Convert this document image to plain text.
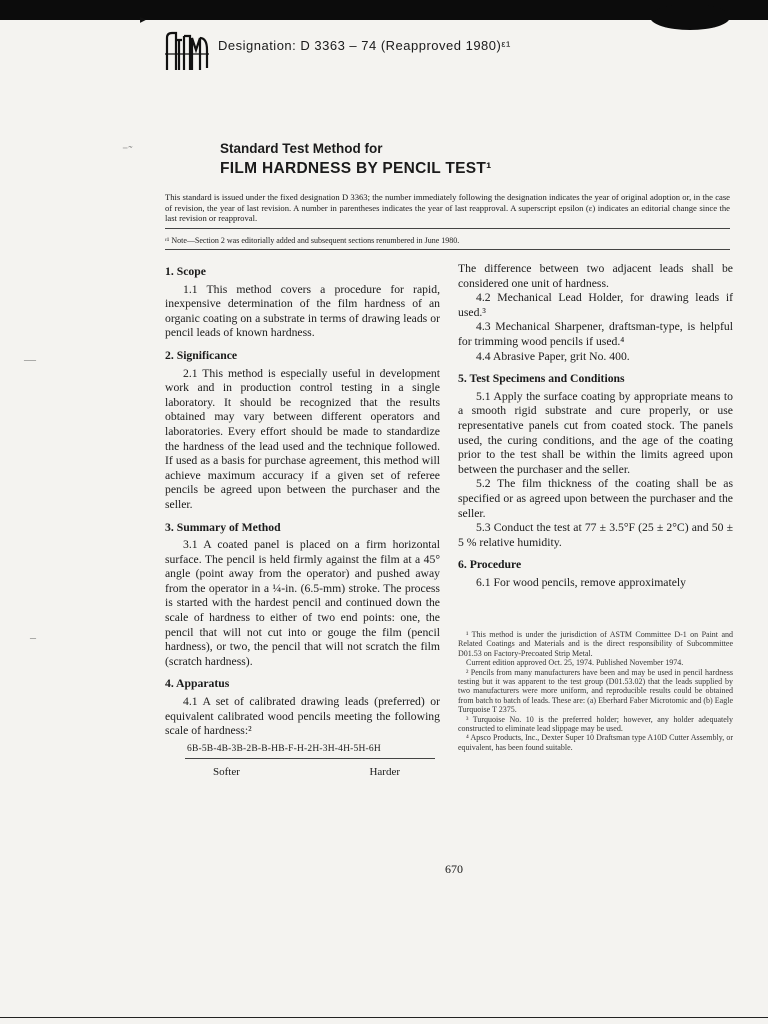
Designation: D 3363 – 74 (Reapproved 1980)ᵋ¹
Standard Test Method for
FILM HARDNESS BY PENCIL TEST¹
This standard is issued under the fixed designation D 3363; the number immediately following the designation indicates the year of original adoption or, in the case of revision, the year of last revision. A number in parentheses indicates the year of last reapproval. A superscript epsilon (ε) indicates an editorial change since the last revision or reapproval.
ᵋ¹ Note—Section 2 was editorially added and subsequent sections renumbered in June 1980.
1. Scope

1.1 This method covers a procedure for rapid, inexpensive determination of the film hardness of an organic coating on a substrate in terms of drawing leads or pencil leads of known hardness.

2. Significance

2.1 This method is especially useful in development work and in production control testing in a single laboratory. It should be recognized that the results obtained may vary between different operators and laboratories. Every effort should be made to standardize the hardness of the lead used and the technique followed. If used as a basis for purchase agreement, this method will achieve maximum accuracy if a given set of referee pencils be agreed upon between the purchaser and the seller.

3. Summary of Method

3.1 A coated panel is placed on a firm horizontal surface. The pencil is held firmly against the film at a 45° angle (point away from the operator) and pushed away from the operator in a ¼-in. (6.5-mm) stroke. The process is started with the hardest pencil and continued down the scale of hardness to either of two end points: one, the pencil that will not cut into or gouge the film (pencil hardness), or two, the pencil that will not scratch the film (scratch hardness).

4. Apparatus

4.1 A set of calibrated drawing leads (preferred) or equivalent calibrated wood pencils meeting the following scale of hardness:²

6B-5B-4B-3B-2B-B-HB-F-H-2H-3H-4H-5H-6H
Softer	Harder

The difference between two adjacent leads shall be considered one unit of hardness.

4.2 Mechanical Lead Holder, for drawing leads if used.³

4.3 Mechanical Sharpener, draftsman-type, is helpful for trimming wood pencils if used.⁴

4.4 Abrasive Paper, grit No. 400.

5. Test Specimens and Conditions

5.1 Apply the surface coating by appropriate means to a smooth rigid substrate and cure properly, or use representative panels cut from coated stock. The panels used, the curing conditions, and the age of the coating prior to the test shall be within the limits agreed upon between the purchaser and the seller.

5.2 The film thickness of the coating shall be as specified or as agreed upon between the purchaser and the seller.

5.3 Conduct the test at 77 ± 3.5°F (25 ± 2°C) and 50 ± 5 % relative humidity.

6. Procedure

6.1 For wood pencils, remove approximately

¹ This method is under the jurisdiction of ASTM Committee D-1 on Paint and Related Coatings and Materials and is the direct responsibility of Subcommittee D01.53 on Factory-Precoated Strip Metal.

Current edition approved Oct. 25, 1974. Published November 1974.

² Pencils from many manufacturers have been and may be used in pencil hardness testing but it was apparent to the test group (D01.53.02) that the leads supplied by two manufacturers were more uniform, and reproducible results could be obtained from batch to batch of leads. These are: (a) Eberhard Faber Microtomic and (b) Eagle Turquoise T 2375.

³ Turquoise No. 10 is the preferred holder; however, any holder adequately constructed to eliminate lead slippage may be used.

⁴ Apsco Products, Inc., Dexter Super 10 Draftsman type A10D Cutter Assembly, or equivalent, has been found suitable.

670
⁻˜
—
–
▸
